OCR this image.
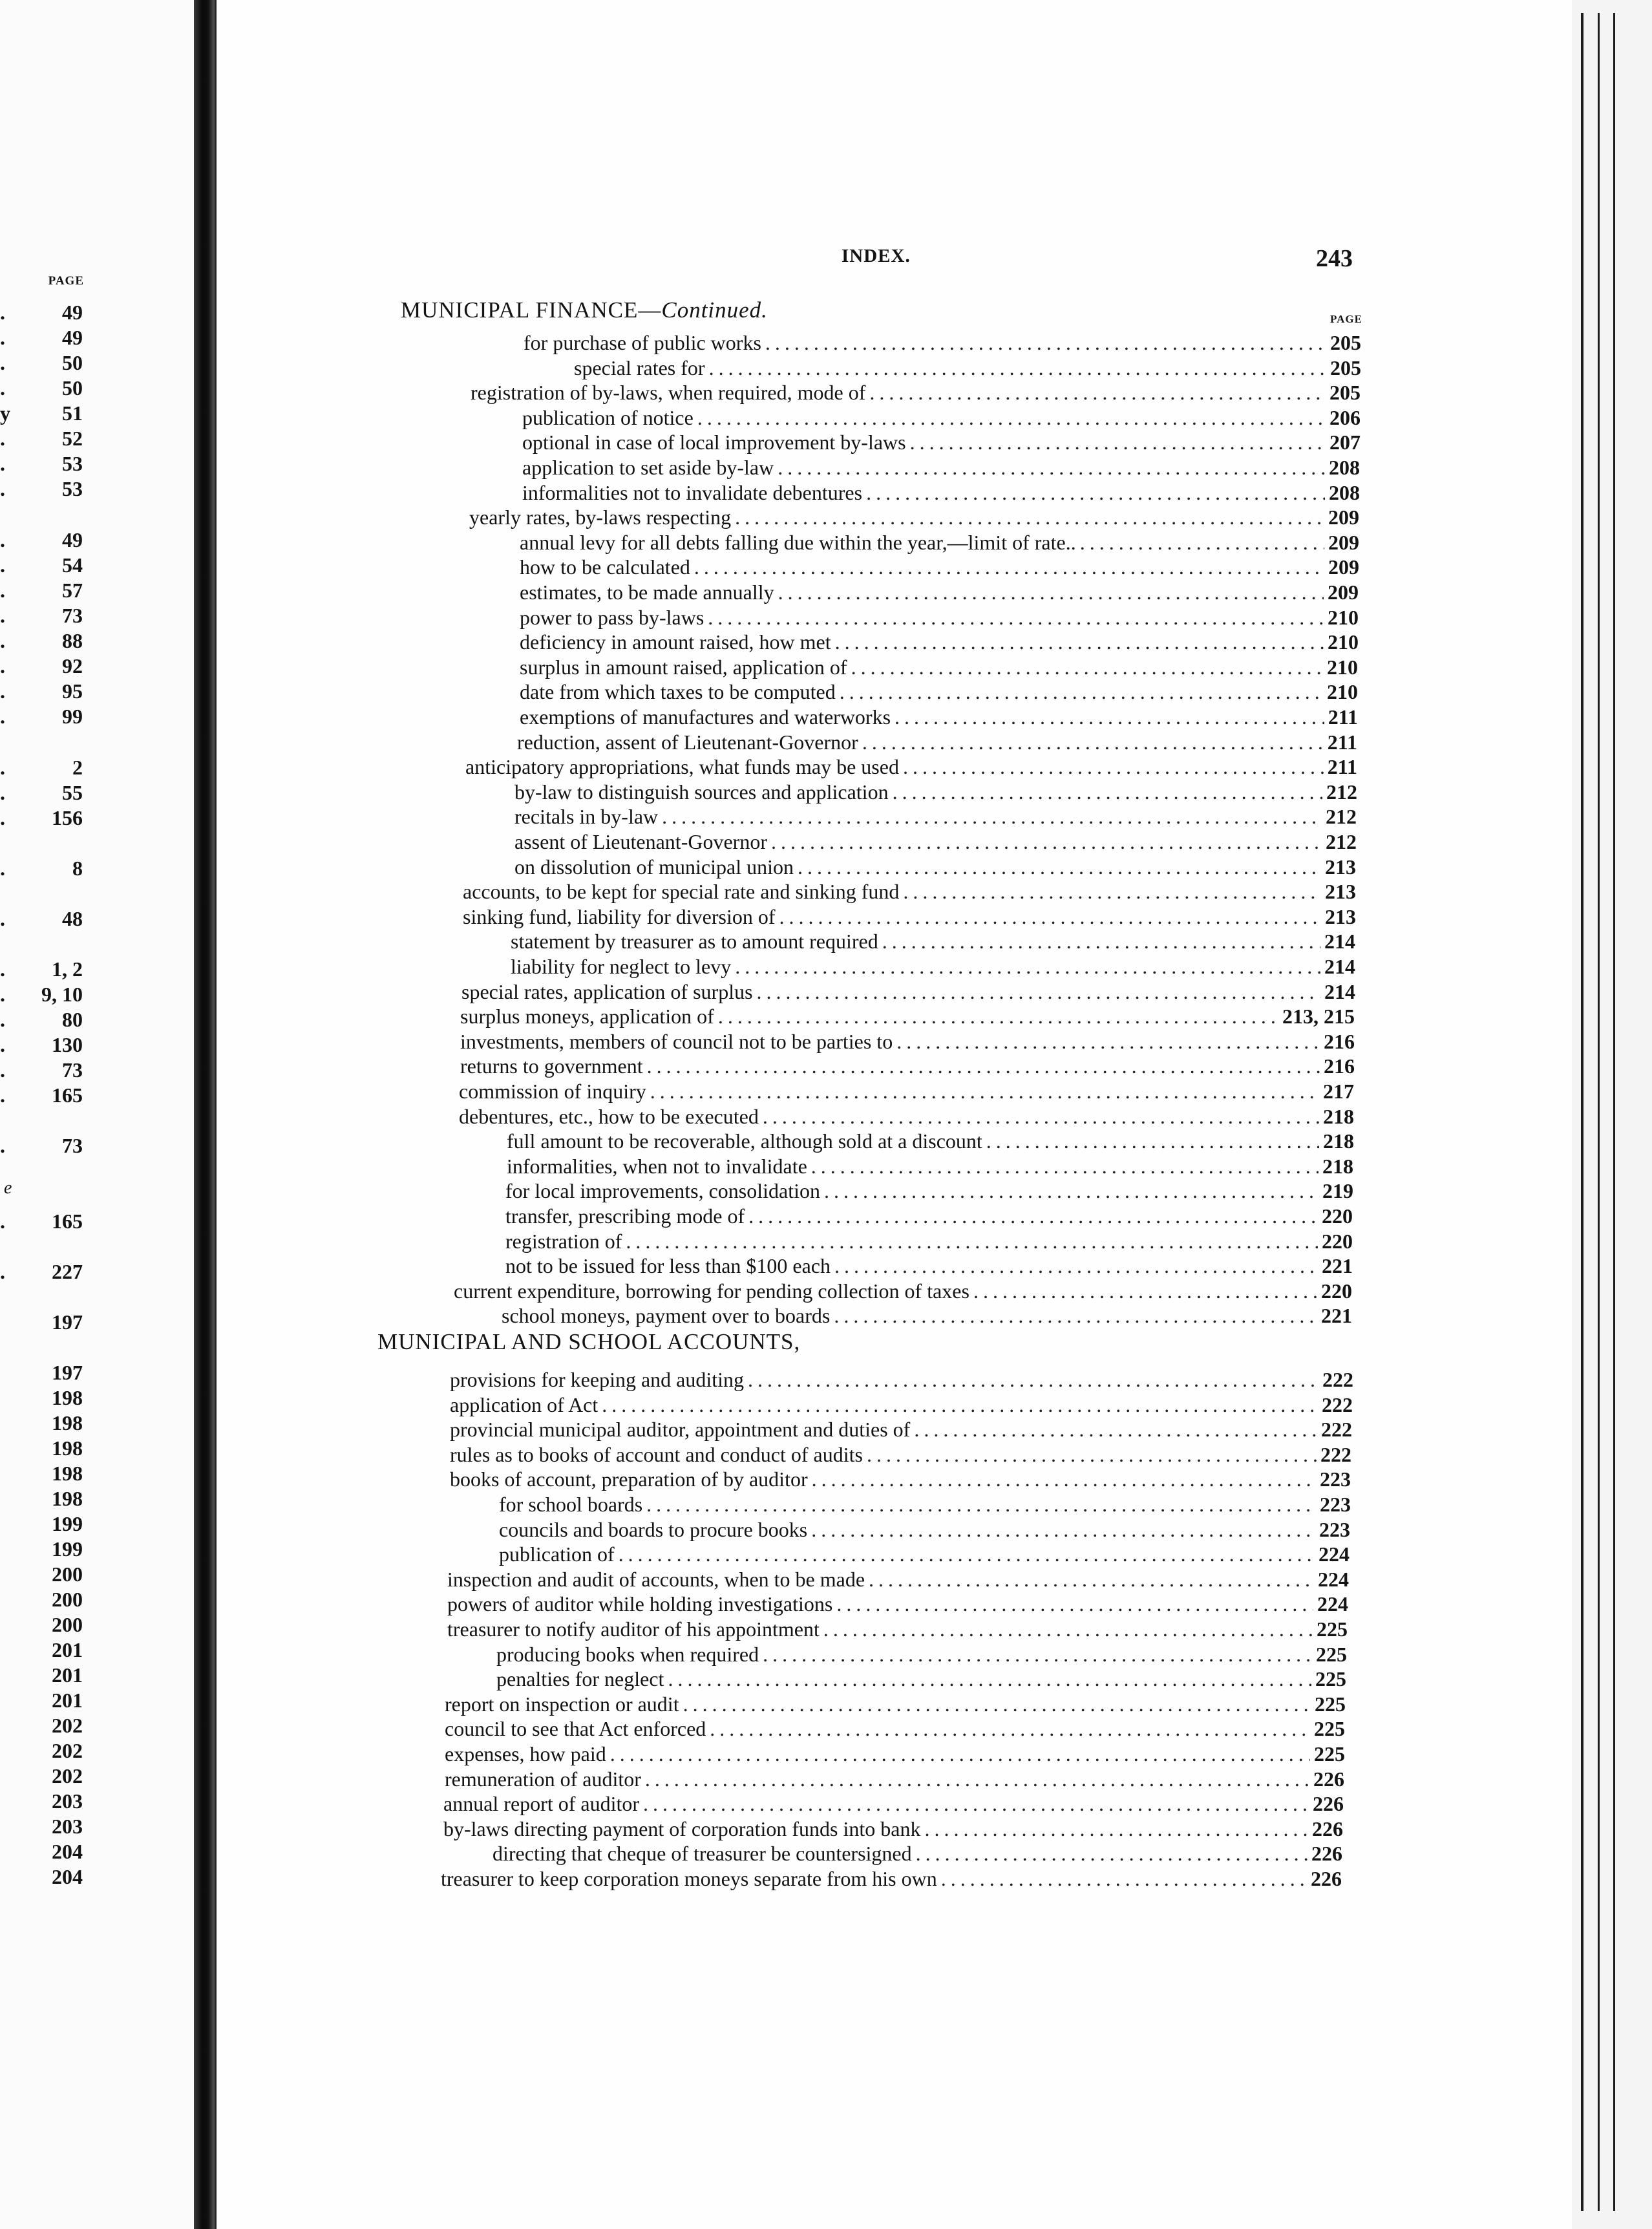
PAGE
.	49
.	49
.	50
.	50
y	51
.	52
.	53
.	53
.	49
.	54
.	57
.	73
.	88
.	92
.	95
.	99
.	2
.	55
.	156
.	8
.	48
.	1, 2
.	9, 10
.	80
.	130
.	73
.	165
.	73
.	165
.	227
197
197
198
198
198
198
198
199
199
200
200
200
201
201
201
202
202
202
203
203
204
204
e
INDEX.	243
PAGE
MUNICIPAL FINANCE—Continued.
for purchase of public works .....	205
special rates for .....	205
registration of by-laws, when required, mode of .....	205
publication of notice .....	206
optional in case of local improvement by-laws .....	207
application to set aside by-law .....	208
informalities not to invalidate debentures .....	208
yearly rates, by-laws respecting .....	209
annual levy for all debts falling due within the year,—limit of rate.. .....	209
how to be calculated .....	209
estimates, to be made annually .....	209
power to pass by-laws .....	210
deficiency in amount raised, how met .....	210
surplus in amount raised, application of .....	210
date from which taxes to be computed .....	210
exemptions of manufactures and waterworks .....	211
reduction, assent of Lieutenant-Governor .....	211
anticipatory appropriations, what funds may be used .....	211
by-law to distinguish sources and application .....	212
recitals in by-law .....	212
assent of Lieutenant-Governor .....	212
on dissolution of municipal union .....	213
accounts, to be kept for special rate and sinking fund .....	213
sinking fund, liability for diversion of .....	213
statement by treasurer as to amount required .....	214
liability for neglect to levy .....	214
special rates, application of surplus .....	214
surplus moneys, application of .....	213, 215
investments, members of council not to be parties to .....	216
returns to government .....	216
commission of inquiry .....	217
debentures, etc., how to be executed .....	218
full amount to be recoverable, although sold at a discount .....	218
informalities, when not to invalidate .....	218
for local improvements, consolidation .....	219
transfer, prescribing mode of .....	220
registration of .....	220
not to be issued for less than $100 each .....	221
current expenditure, borrowing for pending collection of taxes .....	220
school moneys, payment over to boards .....	221
MUNICIPAL AND SCHOOL ACCOUNTS,
provisions for keeping and auditing .....	222
application of Act .....	222
provincial municipal auditor, appointment and duties of .....	222
rules as to books of account and conduct of audits .....	222
books of account, preparation of by auditor .....	223
for school boards .....	223
councils and boards to procure books .....	223
publication of .....	224
inspection and audit of accounts, when to be made .....	224
powers of auditor while holding investigations .....	224
treasurer to notify auditor of his appointment .....	225
producing books when required .....	225
penalties for neglect .....	225
report on inspection or audit .....	225
council to see that Act enforced .....	225
expenses, how paid .....	225
remuneration of auditor .....	226
annual report of auditor .....	226
by-laws directing payment of corporation funds into bank .....	226
directing that cheque of treasurer be countersigned .....	226
treasurer to keep corporation moneys separate from his own .....	226
